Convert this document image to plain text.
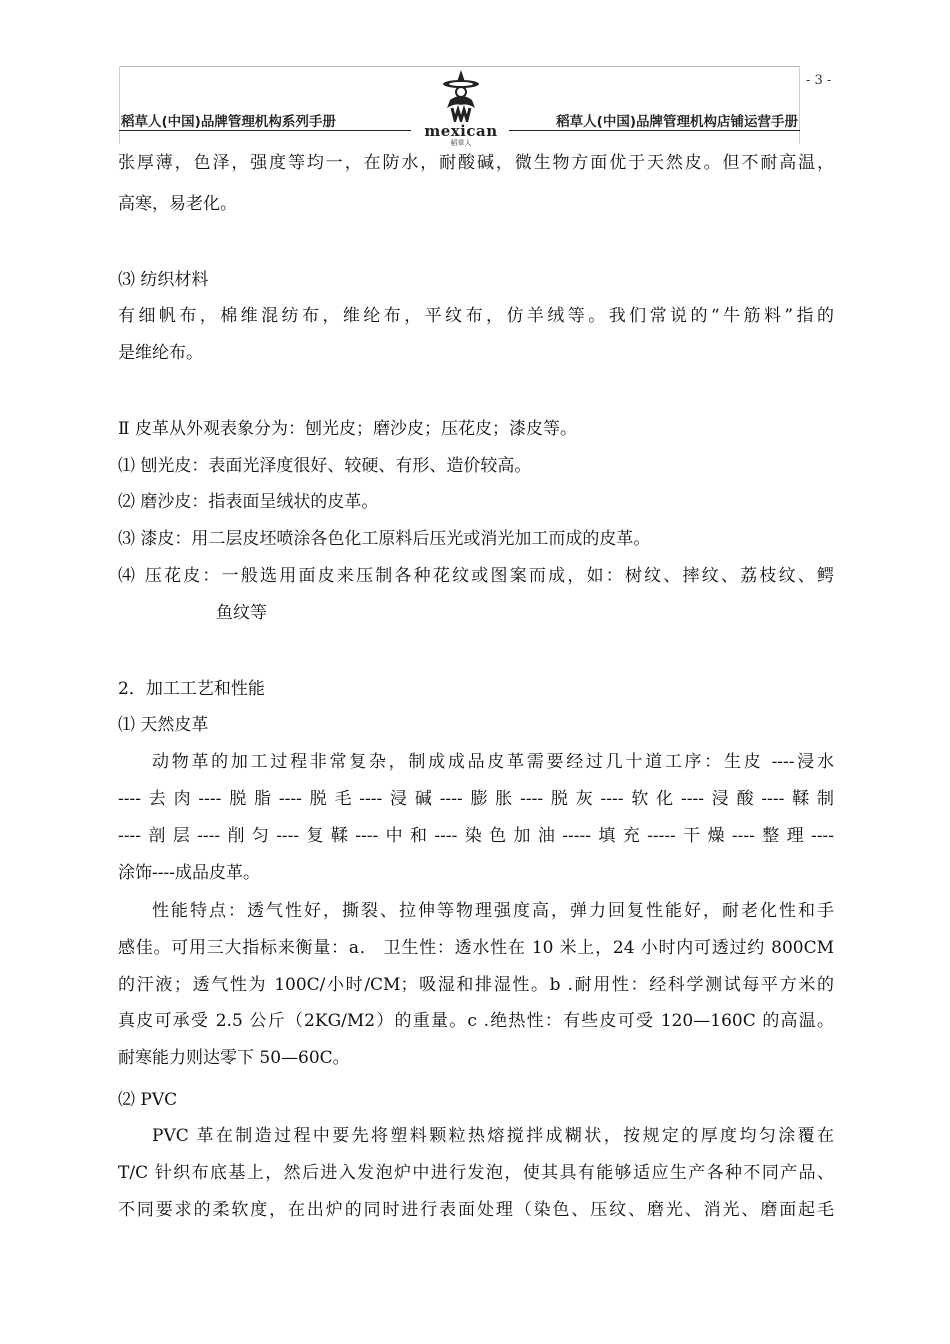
- 3 -
稻草人(中国)品牌管理机构系列手册	稻草人(中国)品牌管理机构店铺运营手册
mexican
稻草人
张厚薄，色泽，强度等均一，在防水，耐酸碱，微生物方面优于天然皮。但不耐高温，
高寒，易老化。
⑶ 纺织材料
有细帆布，棉维混纺布，维纶布，平纹布，仿羊绒等。我们常说的“牛筋料”指的
是维纶布。
Ⅱ 皮革从外观表象分为：刨光皮；磨沙皮；压花皮；漆皮等。
⑴ 刨光皮：表面光泽度很好、较硬、有形、造价较高。
⑵ 磨沙皮：指表面呈绒状的皮革。
⑶ 漆皮：用二层皮坯喷涂各色化工原料后压光或消光加工而成的皮革。
⑷ 压花皮：一般选用面皮来压制各种花纹或图案而成，如：树纹、摔纹、荔枝纹、鳄
鱼纹等
2．加工工艺和性能
⑴ 天然皮革
动物革的加工过程非常复杂，制成成品皮革需要经过几十道工序：生皮 ----浸水
----去肉----脱脂----脱毛----浸碱----膨胀----脱灰----软化----浸酸----鞣制
----剖层----削匀----复鞣----中和----染色加油-----填充-----干燥----整理----
涂饰----成品皮革。
性能特点：透气性好，撕裂、拉伸等物理强度高，弹力回复性能好，耐老化性和手
感佳。可用三大指标来衡量：a． 卫生性：透水性在 10 米上，24 小时内可透过约 800CM
的汗液；透气性为 100C/小时/CM；吸湿和排湿性。b .耐用性：经科学测试每平方米的
真皮可承受 2.5 公斤（2KG/M2）的重量。c .绝热性：有些皮可受 120—160C 的高温。
耐寒能力则达零下 50—60C。
⑵ PVC
PVC 革在制造过程中要先将塑料颗粒热熔搅拌成糊状，按规定的厚度均匀涂覆在
T/C 针织布底基上，然后进入发泡炉中进行发泡，使其具有能够适应生产各种不同产品、
不同要求的柔软度，在出炉的同时进行表面处理（染色、压纹、磨光、消光、磨面起毛
